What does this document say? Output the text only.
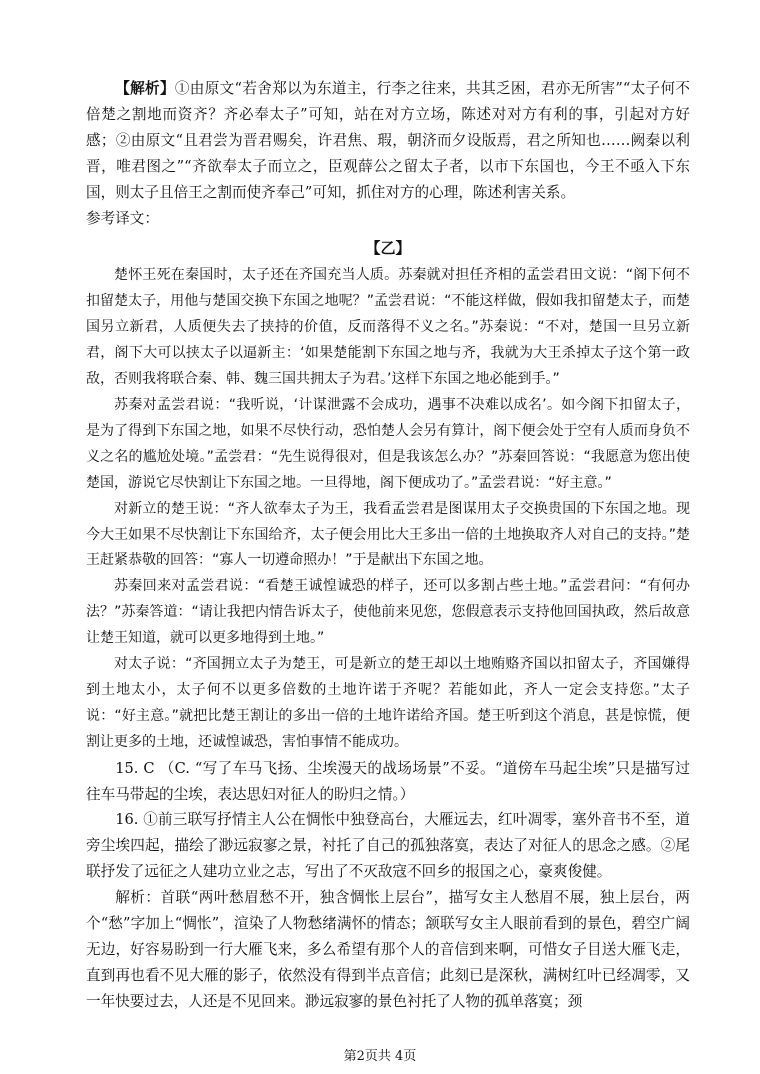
【解析】①由原文“若舍郑以为东道主，行李之往来，共其乏困，君亦无所害”“太子何不倍楚之割地而资齐？齐必奉太子”可知，站在对方立场，陈述对对方有利的事，引起对方好感；②由原文“且君尝为晋君赐矣，许君焦、瑕，朝济而夕设版焉，君之所知也……阙秦以利晋，唯君图之”“齐欲奉太子而立之，臣观薛公之留太子者，以市下东国也，今王不亟入下东国，则太子且倍王之割而使齐奉己”可知，抓住对方的心理，陈述利害关系。

参考译文：

【乙】

楚怀王死在秦国时，太子还在齐国充当人质。苏秦就对担任齐相的孟尝君田文说：“阁下何不扣留楚太子，用他与楚国交换下东国之地呢？”孟尝君说：“不能这样做，假如我扣留楚太子，而楚国另立新君，人质便失去了挟持的价值，反而落得不义之名。”苏秦说：“不对，楚国一旦另立新君，阁下大可以挟太子以逼新主：‘如果楚能割下东国之地与齐，我就为大王杀掉太子这个第一政敌，否则我将联合秦、韩、魏三国共拥太子为君。’这样下东国之地必能到手。”

苏秦对孟尝君说：“我听说，‘计谋泄露不会成功，遇事不决难以成名’。如今阁下扣留太子，是为了得到下东国之地，如果不尽快行动，恐怕楚人会另有算计，阁下便会处于空有人质而身负不义之名的尴尬处境。”孟尝君：“先生说得很对，但是我该怎么办？”苏秦回答说：“我愿意为您出使楚国，游说它尽快割让下东国之地。一旦得地，阁下便成功了。”孟尝君说：“好主意。”

对新立的楚王说：“齐人欲奉太子为王，我看孟尝君是图谋用太子交换贵国的下东国之地。现今大王如果不尽快割让下东国给齐，太子便会用比大王多出一倍的土地换取齐人对自己的支持。”楚王赶紧恭敬的回答：“寡人一切遵命照办！”于是献出下东国之地。

苏秦回来对孟尝君说：“看楚王诚惶诚恐的样子，还可以多割占些土地。”孟尝君问：“有何办法？”苏秦答道：“请让我把内情告诉太子，使他前来见您，您假意表示支持他回国执政，然后故意让楚王知道，就可以更多地得到土地。”

对太子说：“齐国拥立太子为楚王，可是新立的楚王却以土地贿赂齐国以扣留太子，齐国嫌得到土地太小，太子何不以更多倍数的土地许诺于齐呢？若能如此，齐人一定会支持您。”太子说：“好主意。”就把比楚王割让的多出一倍的土地许诺给齐国。楚王听到这个消息，甚是惊慌，便割让更多的土地，还诚惶诚恐，害怕事情不能成功。

15. C （C. “写了车马飞扬、尘埃漫天的战场场景”不妥。“道傍车马起尘埃”只是描写过往车马带起的尘埃，表达思妇对征人的盼归之情。）

16. ①前三联写抒情主人公在惆怅中独登高台，大雁远去，红叶凋零，塞外音书不至，道旁尘埃四起，描绘了渺远寂寥之景，衬托了自己的孤独落寞，表达了对征人的思念之感。②尾联抒发了远征之人建功立业之志，写出了不灭敌寇不回乡的报国之心，豪爽俊健。

解析：首联“两叶愁眉愁不开，独含惆怅上层台”，描写女主人愁眉不展，独上层台，两个“愁”字加上“惆怅”，渲染了人物愁绪满怀的情态；颔联写女主人眼前看到的景色，碧空广阔无边，好容易盼到一行大雁飞来，多么希望有那个人的音信到来啊，可惜女子目送大雁飞走，直到再也看不见大雁的影子，依然没有得到半点音信；此刻已是深秋，满树红叶已经凋零，又一年快要过去，人还是不见回来。渺远寂寥的景色衬托了人物的孤单落寞；颈

第2页共 4页
